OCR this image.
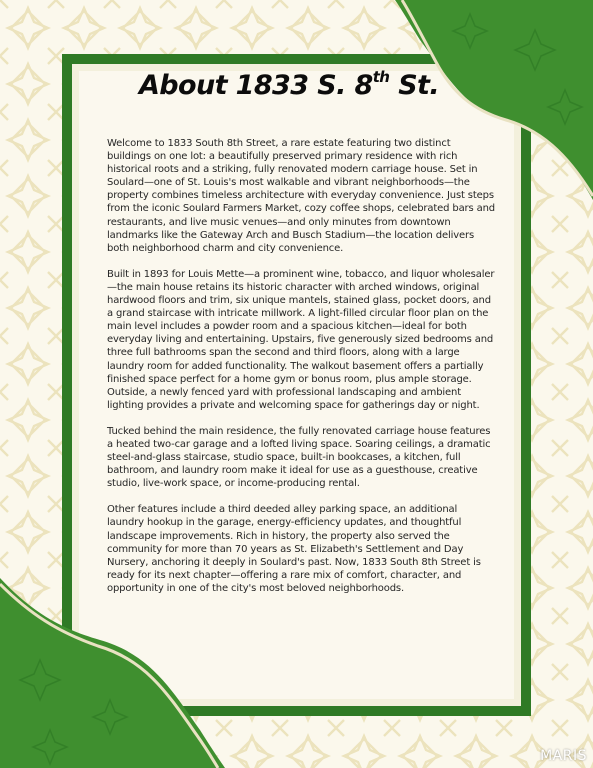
About 1833 S. 8th St.

Welcome to 1833 South 8th Street, a rare estate featuring two distinct buildings on one lot: a beautifully preserved primary residence with rich historical roots and a striking, fully renovated modern carriage house. Set in Soulard—one of St. Louis's most walkable and vibrant neighborhoods—the property combines timeless architecture with everyday convenience. Just steps from the iconic Soulard Farmers Market, cozy coffee shops, celebrated bars and restaurants, and live music venues—and only minutes from downtown landmarks like the Gateway Arch and Busch Stadium—the location delivers both neighborhood charm and city convenience.

Built in 1893 for Louis Mette—a prominent wine, tobacco, and liquor wholesaler—the main house retains its historic character with arched windows, original hardwood floors and trim, six unique mantels, stained glass, pocket doors, and a grand staircase with intricate millwork. A light-filled circular floor plan on the main level includes a powder room and a spacious kitchen—ideal for both everyday living and entertaining. Upstairs, five generously sized bedrooms and three full bathrooms span the second and third floors, along with a large laundry room for added functionality. The walkout basement offers a partially finished space perfect for a home gym or bonus room, plus ample storage. Outside, a newly fenced yard with professional landscaping and ambient lighting provides a private and welcoming space for gatherings day or night.

Tucked behind the main residence, the fully renovated carriage house features a heated two-car garage and a lofted living space. Soaring ceilings, a dramatic steel-and-glass staircase, studio space, built-in bookcases, a kitchen, full bathroom, and laundry room make it ideal for use as a guesthouse, creative studio, live-work space, or income-producing rental.

Other features include a third deeded alley parking space, an additional laundry hookup in the garage, energy-efficiency updates, and thoughtful landscape improvements. Rich in history, the property also served the community for more than 70 years as St. Elizabeth's Settlement and Day Nursery, anchoring it deeply in Soulard's past. Now, 1833 South 8th Street is ready for its next chapter—offering a rare mix of comfort, character, and opportunity in one of the city's most beloved neighborhoods.

MARIS
